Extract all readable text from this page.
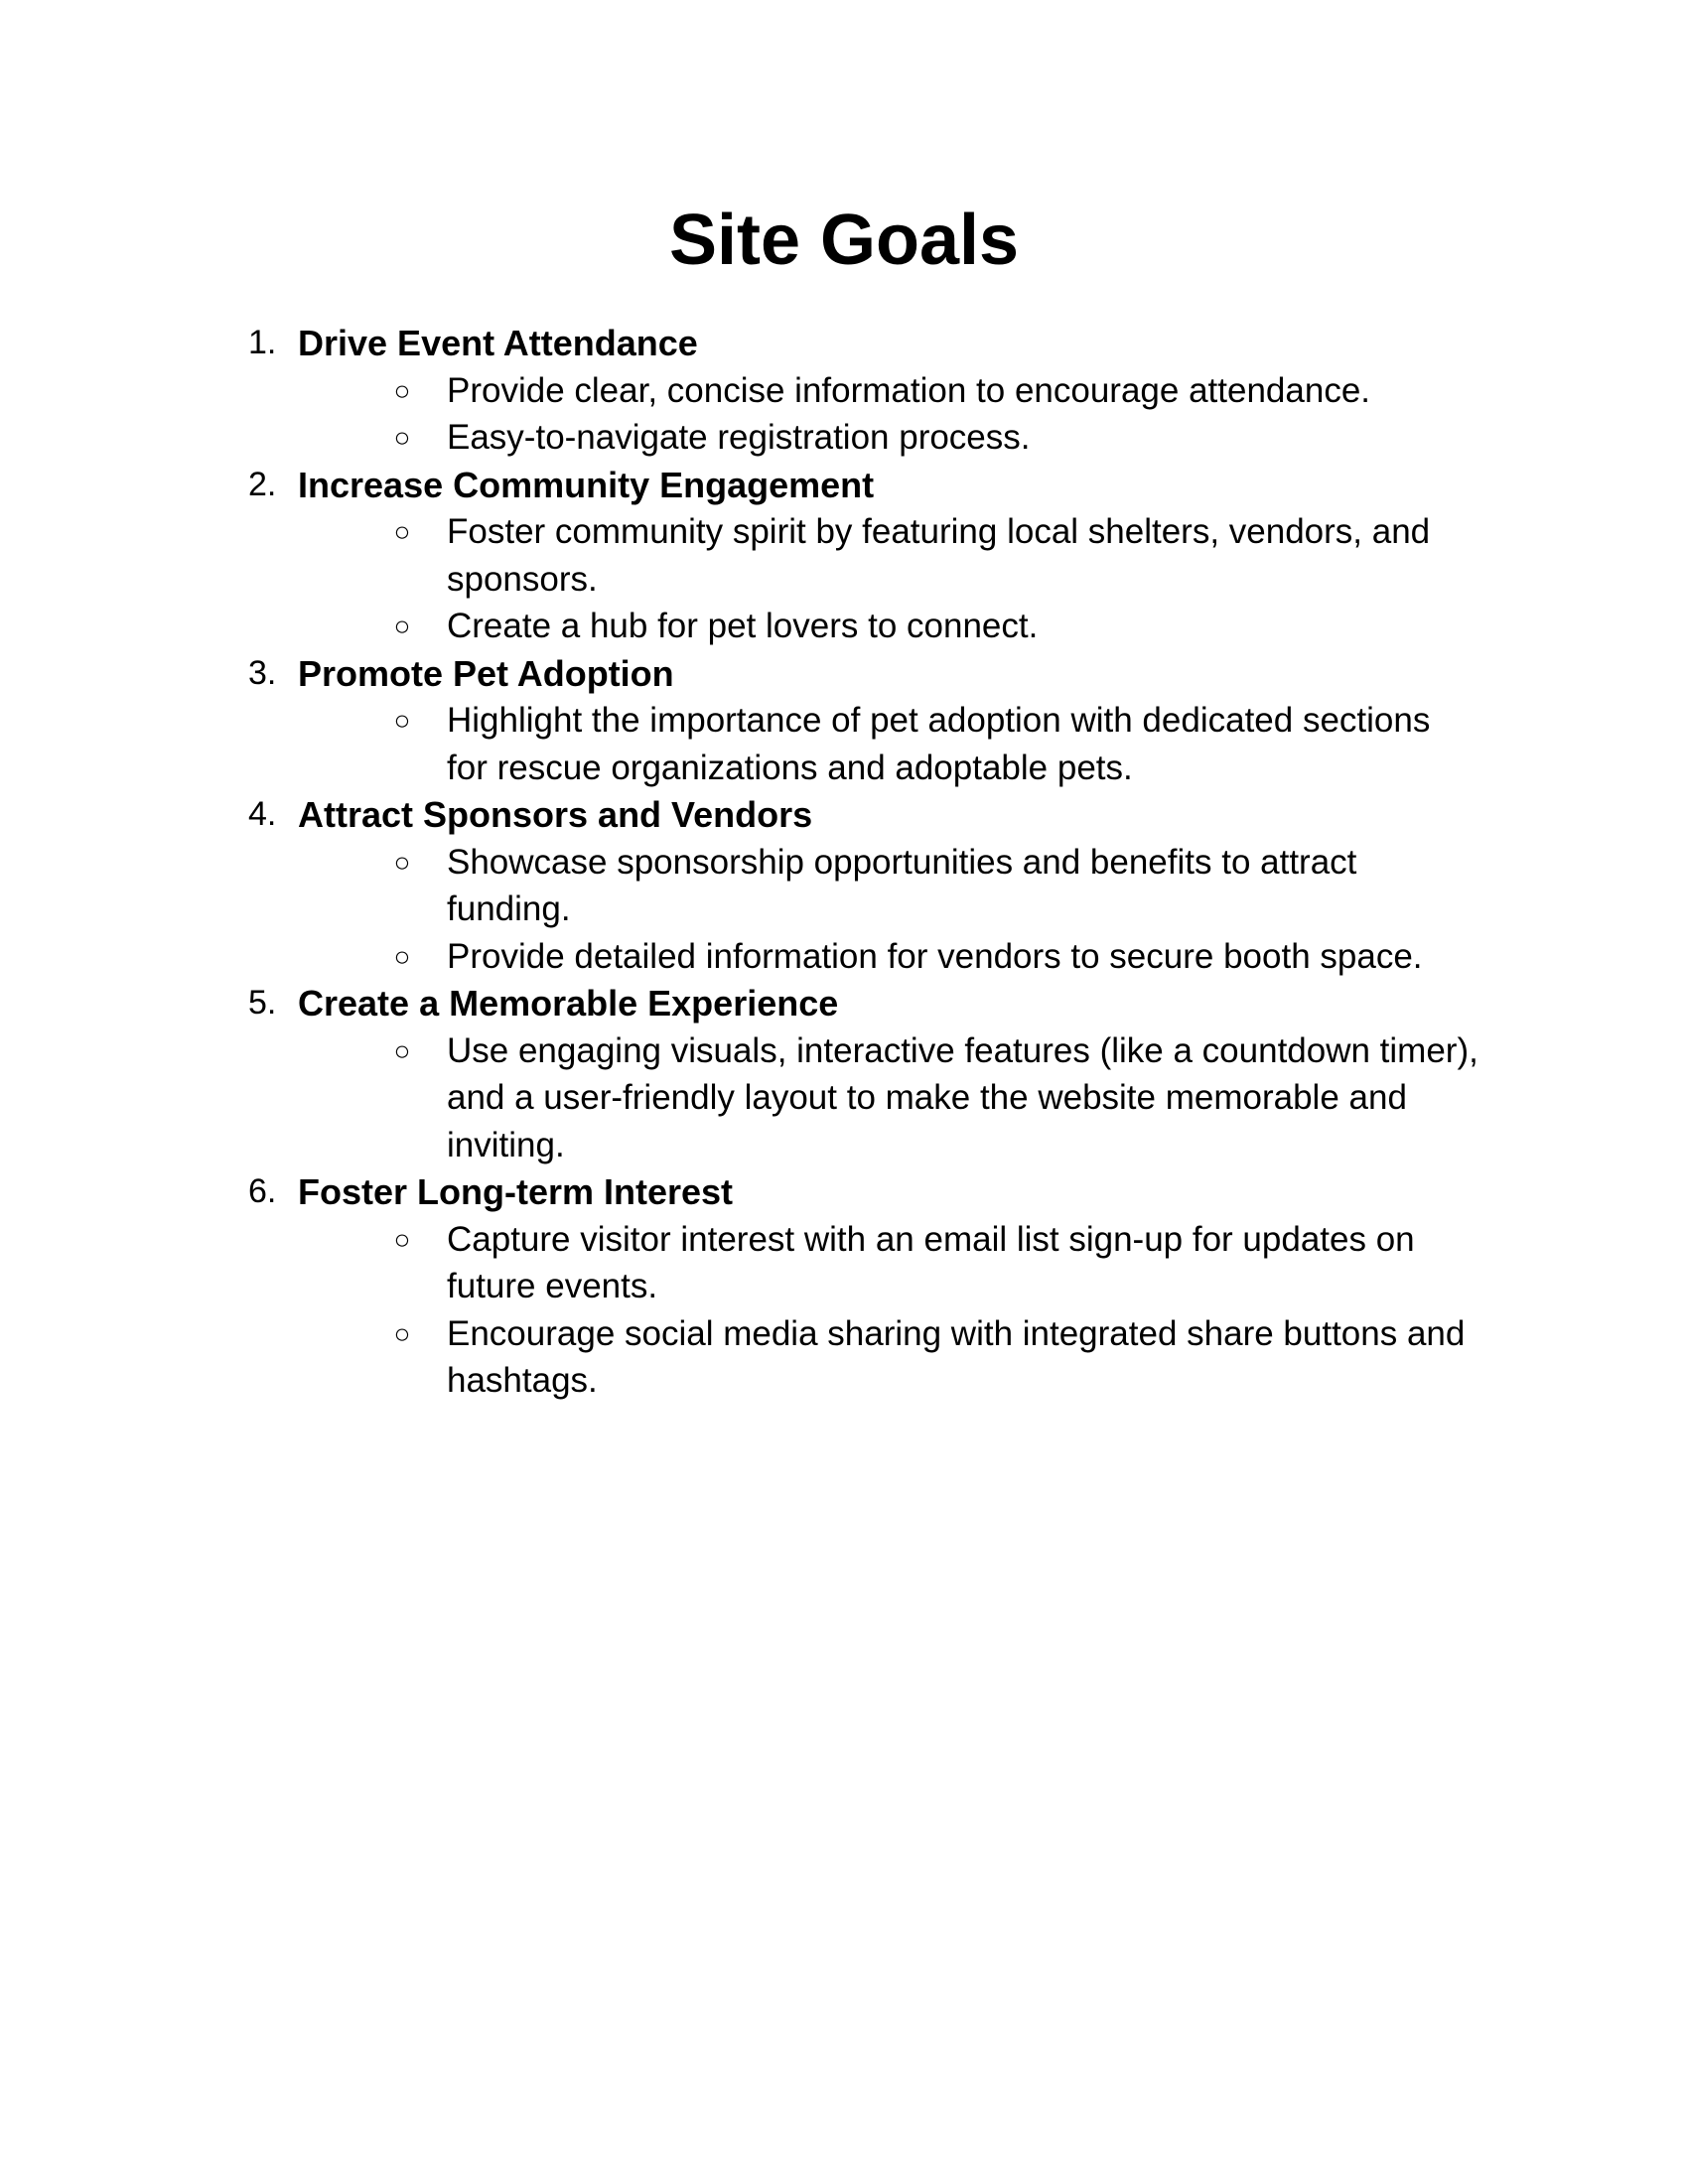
Site Goals
1. Drive Event Attendance
○ Provide clear, concise information to encourage attendance.
○ Easy-to-navigate registration process.
2. Increase Community Engagement
○ Foster community spirit by featuring local shelters, vendors, and sponsors.
○ Create a hub for pet lovers to connect.
3. Promote Pet Adoption
○ Highlight the importance of pet adoption with dedicated sections for rescue organizations and adoptable pets.
4. Attract Sponsors and Vendors
○ Showcase sponsorship opportunities and benefits to attract funding.
○ Provide detailed information for vendors to secure booth space.
5. Create a Memorable Experience
○ Use engaging visuals, interactive features (like a countdown timer), and a user-friendly layout to make the website memorable and inviting.
6. Foster Long-term Interest
○ Capture visitor interest with an email list sign-up for updates on future events.
○ Encourage social media sharing with integrated share buttons and hashtags.
